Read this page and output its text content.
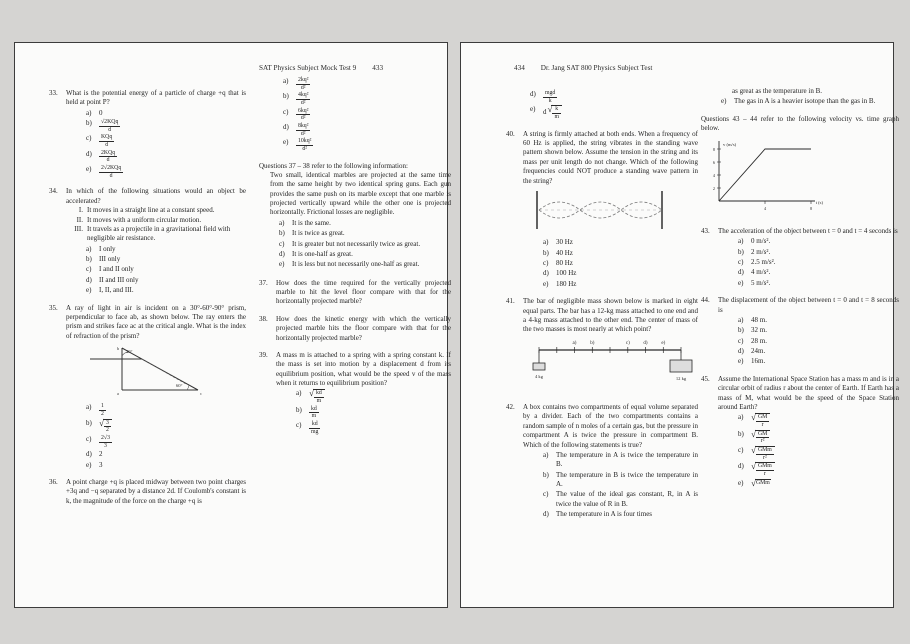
SAT Physics Subject Mock Test 9 433
33.	What is the potential energy of a particle of charge +q that is held at point P?
a)	0
b)	$\frac{\text{√2KQq}}{d}$
c)	$\frac{\text{KQq}}{d}$
d)	$\frac{\text{2KQq}}{d}$
e)	$\frac{\text{2√2KQq}}{d}$
34.	In which of the following situations would an object be accelerated?
I. It moves in a straight line at a constant speed.
II. It moves with a uniform circular motion.
III. It travels as a projectile in a gravitational field with negligible air resistance.
a)	I only
b)	III only
c)	I and II only
d)	II and III only
e)	I, II, and III.
35.	A ray of light in air is incident on a 30°-60°-90° prism, perpendicular to face ab, as shown below. The ray enters the prism and strikes face ac at the critical angle. What is the index of refraction of the prism?
30°
60°
b
a	c
a)	$\frac{1}{2}$
b) √ $\frac{3}{2}$
c)	$\frac{2√3}{3}$
d)	2
e)	3
36.	A point charge +q is placed midway between two point charges +3q and −q separated by a distance 2d. If Coulomb's constant is k, the magnitude of the force on the charge +q is
a)	$\frac{\text{2kq²}}{\text{d²}}$
b)	$\frac{\text{4kq²}}{\text{d²}}$
c)	$\frac{\text{6kq²}}{\text{d²}}$
d)	$\frac{\text{8kq²}}{\text{d²}}$
e)	$\frac{\text{10kq²}}{\text{d²}}$
Questions 37 – 38 refer to the following information:
Two small, identical marbles are projected at the same time from the same height by two identical spring guns. Each gun provides the same push on its marble except that one marble is projected vertically upward while the other one is projected horizontally. Frictional losses are negligible.
a)	It is the same.
b)	It is twice as great.
c)	It is greater but not necessarily twice as great.
d)	It is one-half as great.
e)	It is less but not necessarily one-half as great.
37.	How does the time required for the vertically projected marble to hit the level floor compare with that for the horizontally projected marble?
38.	How does the kinetic energy with which the vertically projected marble hits the floor compare with that for the horizontally projected marble?
39.	A mass m is attached to a spring with a spring constant k. If the mass is set into motion by a displacement d from its equilibrium position, what would be the speed v of the mass when it returns to equilibrium position?
a) √ $\frac{kd}{m}$
b)	$\frac{kd}{m}$
c)	$\frac{kd}{mg}$
434 Dr. Jang SAT 800 Physics Subject Test
d)	$\frac{\text{mgd}}{k}$
e)	d √ $\frac{k}{m}$
40.	A string is firmly attached at both ends. When a frequency of 60 Hz is applied, the string vibrates in the standing wave pattern shown below. Assume the tension in the string and its mass per unit length do not change. Which of the following frequencies could NOT produce a standing wave pattern in the string?
a)	30 Hz
b)	40 Hz
c)	80 Hz
d)	100 Hz
e)	180 Hz
41.	The bar of negligible mass shown below is marked in eight equal parts. The bar has a 12-kg mass attached to one end and a 4-kg mass attached to the other end. The center of mass of the two masses is most nearly at which point?
a)	b)	c)	d)	e)
4 kg	12 kg
42.	A box contains two compartments of equal volume separated by a divider. Each of the two compartments contains a random sample of n moles of a certain gas, but the pressure in compartment A is twice the pressure in compartment B. Which of the following statements is true?
a)	The temperature in A is twice the temperature in B.
b)	The temperature in B is twice the temperature in A.
c)	The value of the ideal gas constant, R, in A is twice the value of R in B.
d)	The temperature in A is four times
as great as the temperature in B.
e)	The gas in A is a heavier isotope than the gas in B.
Questions 43 – 44 refer to the following velocity vs. time graph below.
2
4
6
8
v (m/s)
4	8
t (s)
43.	The acceleration of the object between t = 0 and t = 4 seconds is
a)	0 m/s².
b)	2 m/s².
c)	2.5 m/s².
d)	4 m/s².
e)	5 m/s².
44.	The displacement of the object between t = 0 and t = 8 seconds is
a)	48 m.
b)	32 m.
c)	28 m.
d)	24m.
e)	16m.
45.	Assume the International Space Station has a mass m and is in a circular orbit of radius r about the center of Earth. If Earth has a mass of M, what would be the speed of the Space Station around Earth?
a) √ $\frac{GM}{r}$
b) √ $\frac{GM}{\text{r²}}$
c) √ $\frac{\text{GMm}}{\text{r²}}$
d) √ $\frac{\text{GMm}}{r}$
e) √ GMm
